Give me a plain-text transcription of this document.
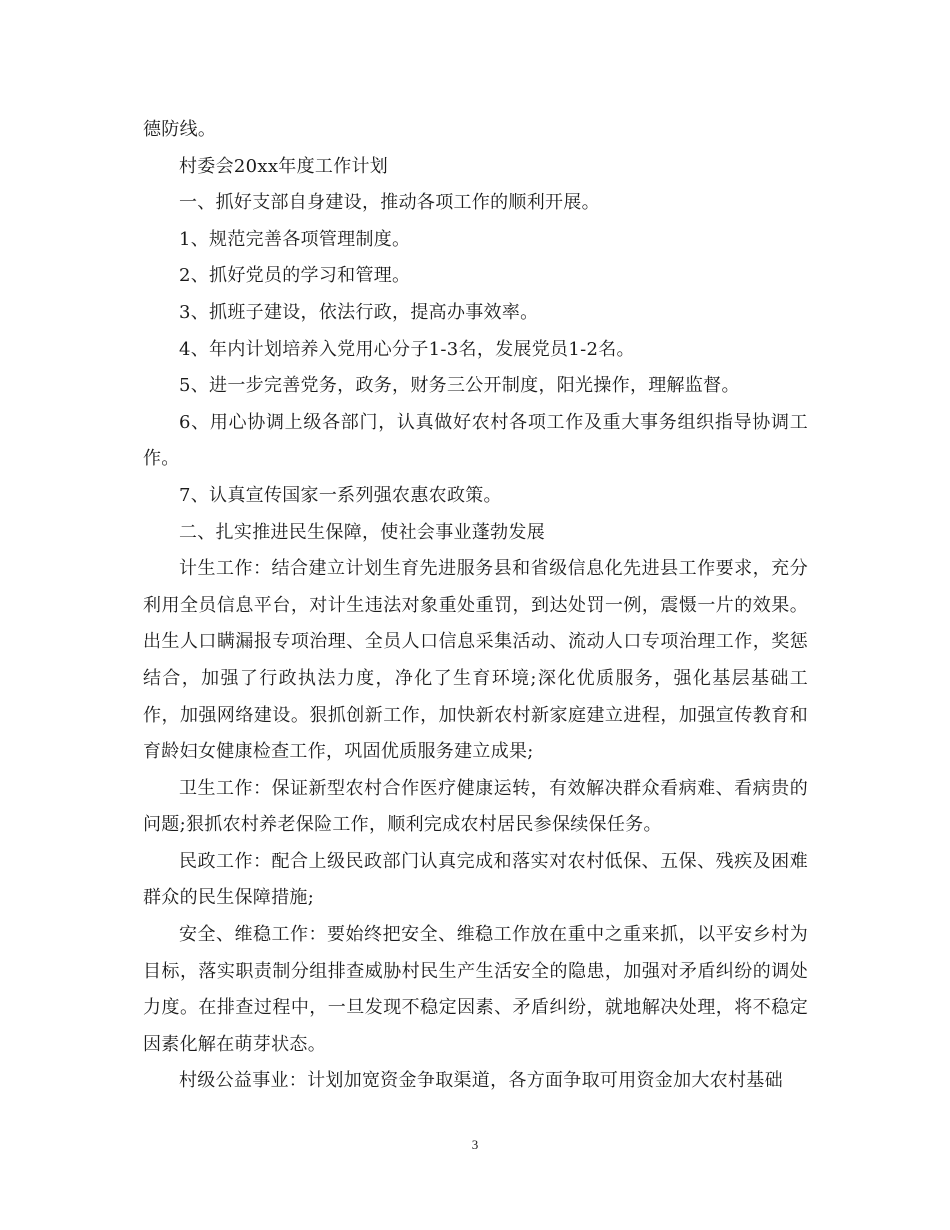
德防线。

村委会20xx年度工作计划

一、抓好支部自身建设，推动各项工作的顺利开展。

1、规范完善各项管理制度。

2、抓好党员的学习和管理。

3、抓班子建设，依法行政，提高办事效率。

4、年内计划培养入党用心分子1-3名，发展党员1-2名。

5、进一步完善党务，政务，财务三公开制度，阳光操作，理解监督。

6、用心协调上级各部门，认真做好农村各项工作及重大事务组织指导协调工作。

7、认真宣传国家一系列强农惠农政策。

二、扎实推进民生保障，使社会事业蓬勃发展

计生工作：结合建立计划生育先进服务县和省级信息化先进县工作要求，充分利用全员信息平台，对计生违法对象重处重罚，到达处罚一例，震慑一片的效果。出生人口瞒漏报专项治理、全员人口信息采集活动、流动人口专项治理工作，奖惩结合，加强了行政执法力度，净化了生育环境;深化优质服务，强化基层基础工作，加强网络建设。狠抓创新工作，加快新农村新家庭建立进程，加强宣传教育和育龄妇女健康检查工作，巩固优质服务建立成果;

卫生工作：保证新型农村合作医疗健康运转，有效解决群众看病难、看病贵的问题;狠抓农村养老保险工作，顺利完成农村居民参保续保任务。

民政工作：配合上级民政部门认真完成和落实对农村低保、五保、残疾及困难群众的民生保障措施;

安全、维稳工作：要始终把安全、维稳工作放在重中之重来抓，以平安乡村为目标，落实职责制分组排查威胁村民生产生活安全的隐患，加强对矛盾纠纷的调处力度。在排查过程中，一旦发现不稳定因素、矛盾纠纷，就地解决处理，将不稳定因素化解在萌芽状态。

村级公益事业：计划加宽资金争取渠道，各方面争取可用资金加大农村基础

3
